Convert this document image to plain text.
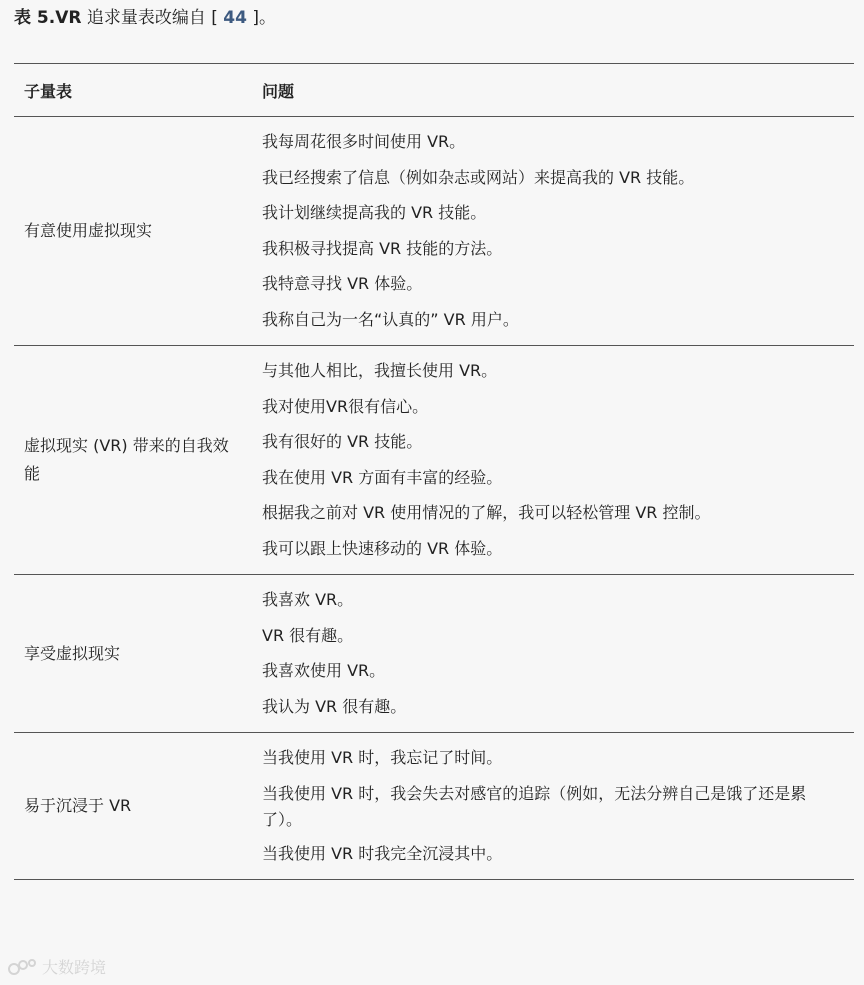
表 5.VR 追求量表改编自 [ 44 ]。
子量表	问题
有意使用虚拟现实

我每周花很多时间使用 VR。

我已经搜索了信息（例如杂志或网站）来提高我的 VR 技能。

我计划继续提高我的 VR 技能。

我积极寻找提高 VR 技能的方法。

我特意寻找 VR 体验。

我称自己为一名“认真的” VR 用户。

虚拟现实 (VR) 带来的自我效能

与其他人相比，我擅长使用 VR。

我对使用VR很有信心。

我有很好的 VR 技能。

我在使用 VR 方面有丰富的经验。

根据我之前对 VR 使用情况的了解，我可以轻松管理 VR 控制。

我可以跟上快速移动的 VR 体验。

享受虚拟现实

我喜欢 VR。

VR 很有趣。

我喜欢使用 VR。

我认为 VR 很有趣。

易于沉浸于 VR

当我使用 VR 时，我忘记了时间。

当我使用 VR 时，我会失去对感官的追踪（例如，无法分辨自己是饿了还是累了）。

当我使用 VR 时我完全沉浸其中。

大数跨境
